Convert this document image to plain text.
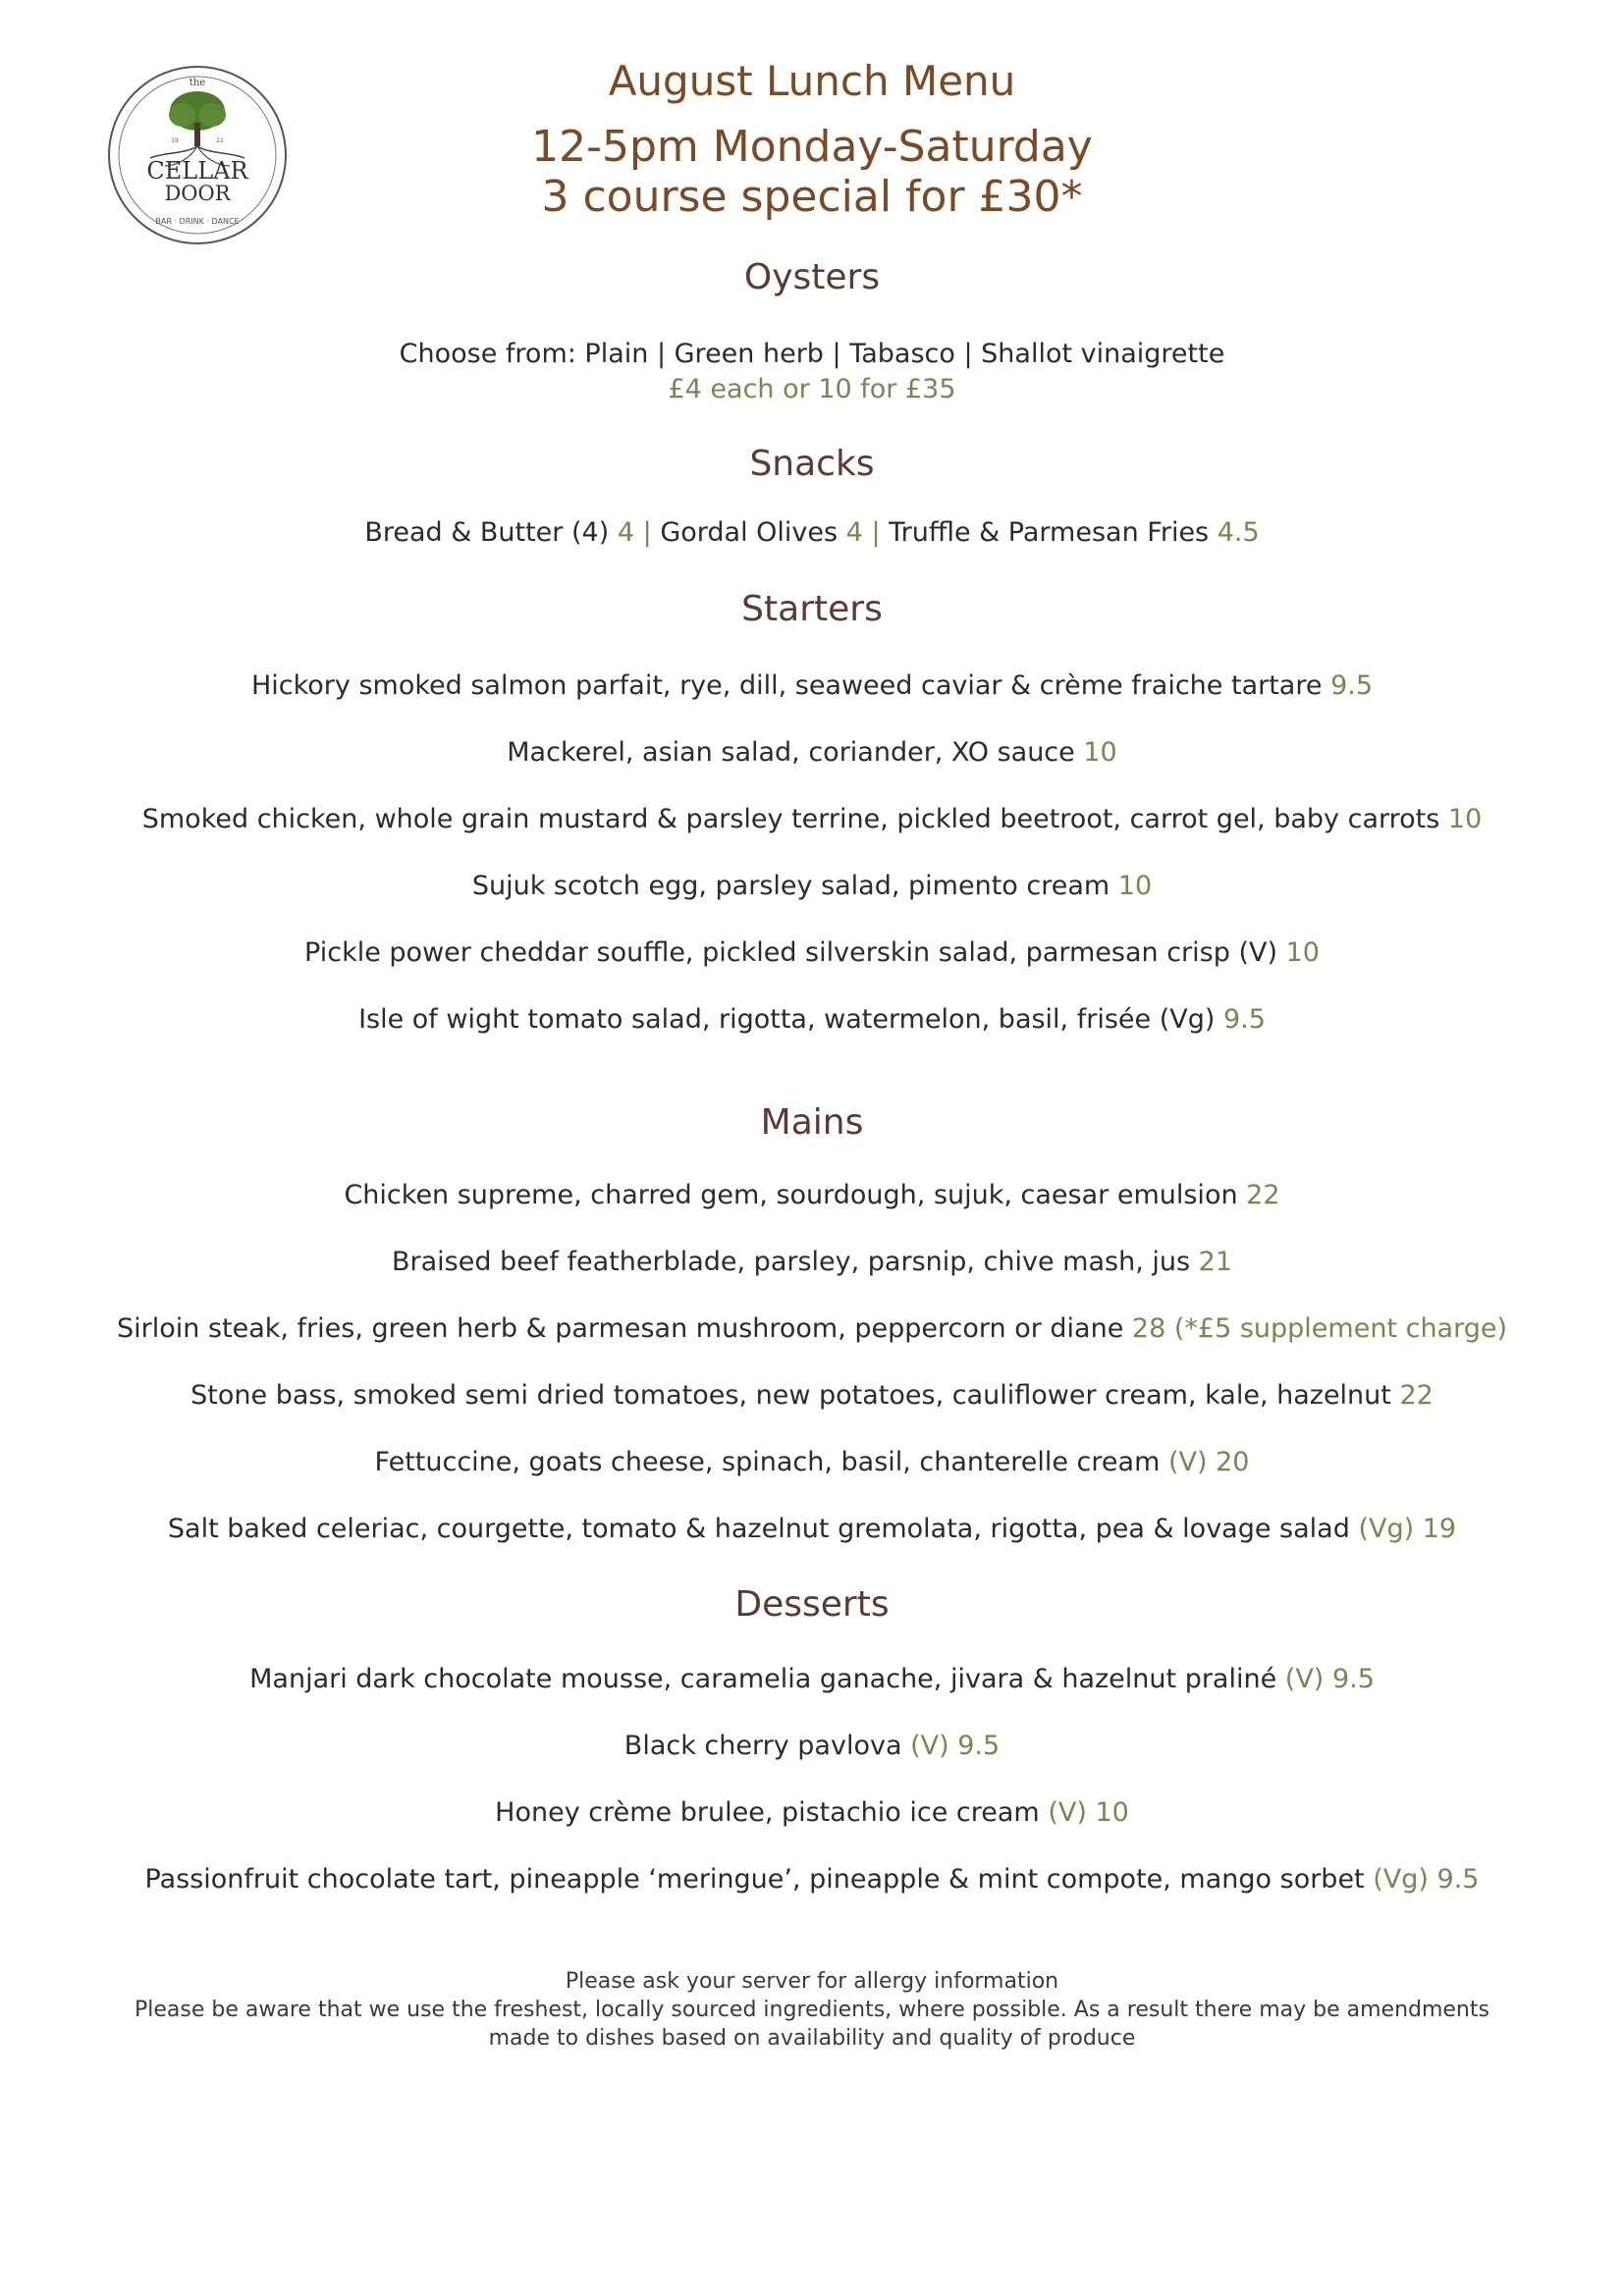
the
19	22
CELLAR
DOOR
BAR · DRINK · DANCE
August Lunch Menu
12-5pm Monday-Saturday
3 course special for £30*
Oysters
Choose from: Plain | Green herb | Tabasco | Shallot vinaigrette
£4 each or 10 for £35
Snacks
Bread & Butter (4) 4 | Gordal Olives 4 | Truffle & Parmesan Fries 4.5
Starters
Hickory smoked salmon parfait, rye, dill, seaweed caviar & crème fraiche tartare 9.5
Mackerel, asian salad, coriander, XO sauce 10
Smoked chicken, whole grain mustard & parsley terrine, pickled beetroot, carrot gel, baby carrots 10
Sujuk scotch egg, parsley salad, pimento cream 10
Pickle power cheddar souffle, pickled silverskin salad, parmesan crisp (V) 10
Isle of wight tomato salad, rigotta, watermelon, basil, frisée (Vg) 9.5
Mains
Chicken supreme, charred gem, sourdough, sujuk, caesar emulsion 22
Braised beef featherblade, parsley, parsnip, chive mash, jus 21
Sirloin steak, fries, green herb & parmesan mushroom, peppercorn or diane 28 (*£5 supplement charge)
Stone bass, smoked semi dried tomatoes, new potatoes, cauliflower cream, kale, hazelnut 22
Fettuccine, goats cheese, spinach, basil, chanterelle cream (V) 20
Salt baked celeriac, courgette, tomato & hazelnut gremolata, rigotta, pea & lovage salad (Vg) 19
Desserts
Manjari dark chocolate mousse, caramelia ganache, jivara & hazelnut praliné (V) 9.5
Black cherry pavlova (V) 9.5
Honey crème brulee, pistachio ice cream (V) 10
Passionfruit chocolate tart, pineapple ‘meringue’, pineapple & mint compote, mango sorbet (Vg) 9.5
Please ask your server for allergy information
Please be aware that we use the freshest, locally sourced ingredients, where possible. As a result there may be amendments
made to dishes based on availability and quality of produce
